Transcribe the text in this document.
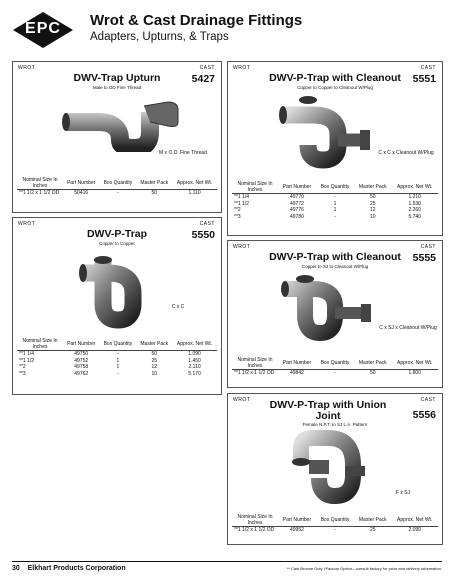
EPC	Wrot & Cast Drainage Fittings
Adapters, Upturns, & Traps
WROT	CAST
DWV-Trap Upturn	5427
Male to OD Fine Thread
M x O.D. Fine Thread
Nominal Size In Inches	Part Number	Box Quantity	Master Pack	Approx. Net Wt.
**1 1/2 x 1 1/2 OD	50416	-	50	1.110
WROT	CAST
DWV-P-Trap with Cleanout	5551
Copper to Copper to Cleanout W/Plug
C x C x Cleanout W/Plug
Nominal Size In Inches	Part Number	Box Quantity	Master Pack	Approx. Net Wt.
**1 1/4	49770	-	50	1.210
**1 1/2	49772	1	25	1.530
**2	49776	1	12	2.260
**3	49780	-	10	5.740
WROT	CAST
DWV-P-Trap	5550
Copper to Copper
C x C
Nominal Size In Inches	Part Number	Box Quantity	Master Pack	Approx. Net Wt.
**1 1/4	49750	-	50	1.090
**1 1/2	49752	1	25	1.450
**2	49758	1	12	2.110
**3	49762	-	10	5.170
WROT	CAST
DWV-P-Trap with Cleanout	5555
Copper to SJ to Cleanout W/Plug
C x SJ x Cleanout W/Plug
Nominal Size In Inches	Part Number	Box Quantity	Master Pack	Approx. Net Wt.
**1 1/2 x 1 1/2 OD	49842	-	50	1.800
WROT	CAST
DWV-P-Trap with Union Joint	5556
Female N.P.T. to SJ L.A. Pattern
F x SJ
Nominal Size In Inches	Part Number	Box Quantity	Master Pack	Approx. Net Wt.
**1 1/2 x 1 1/2 OD	49952	-	25	2.090
30 Elkhart Products Corporation	** Cast Bronze Only †Factory Option—consult factory for price and delivery information.
